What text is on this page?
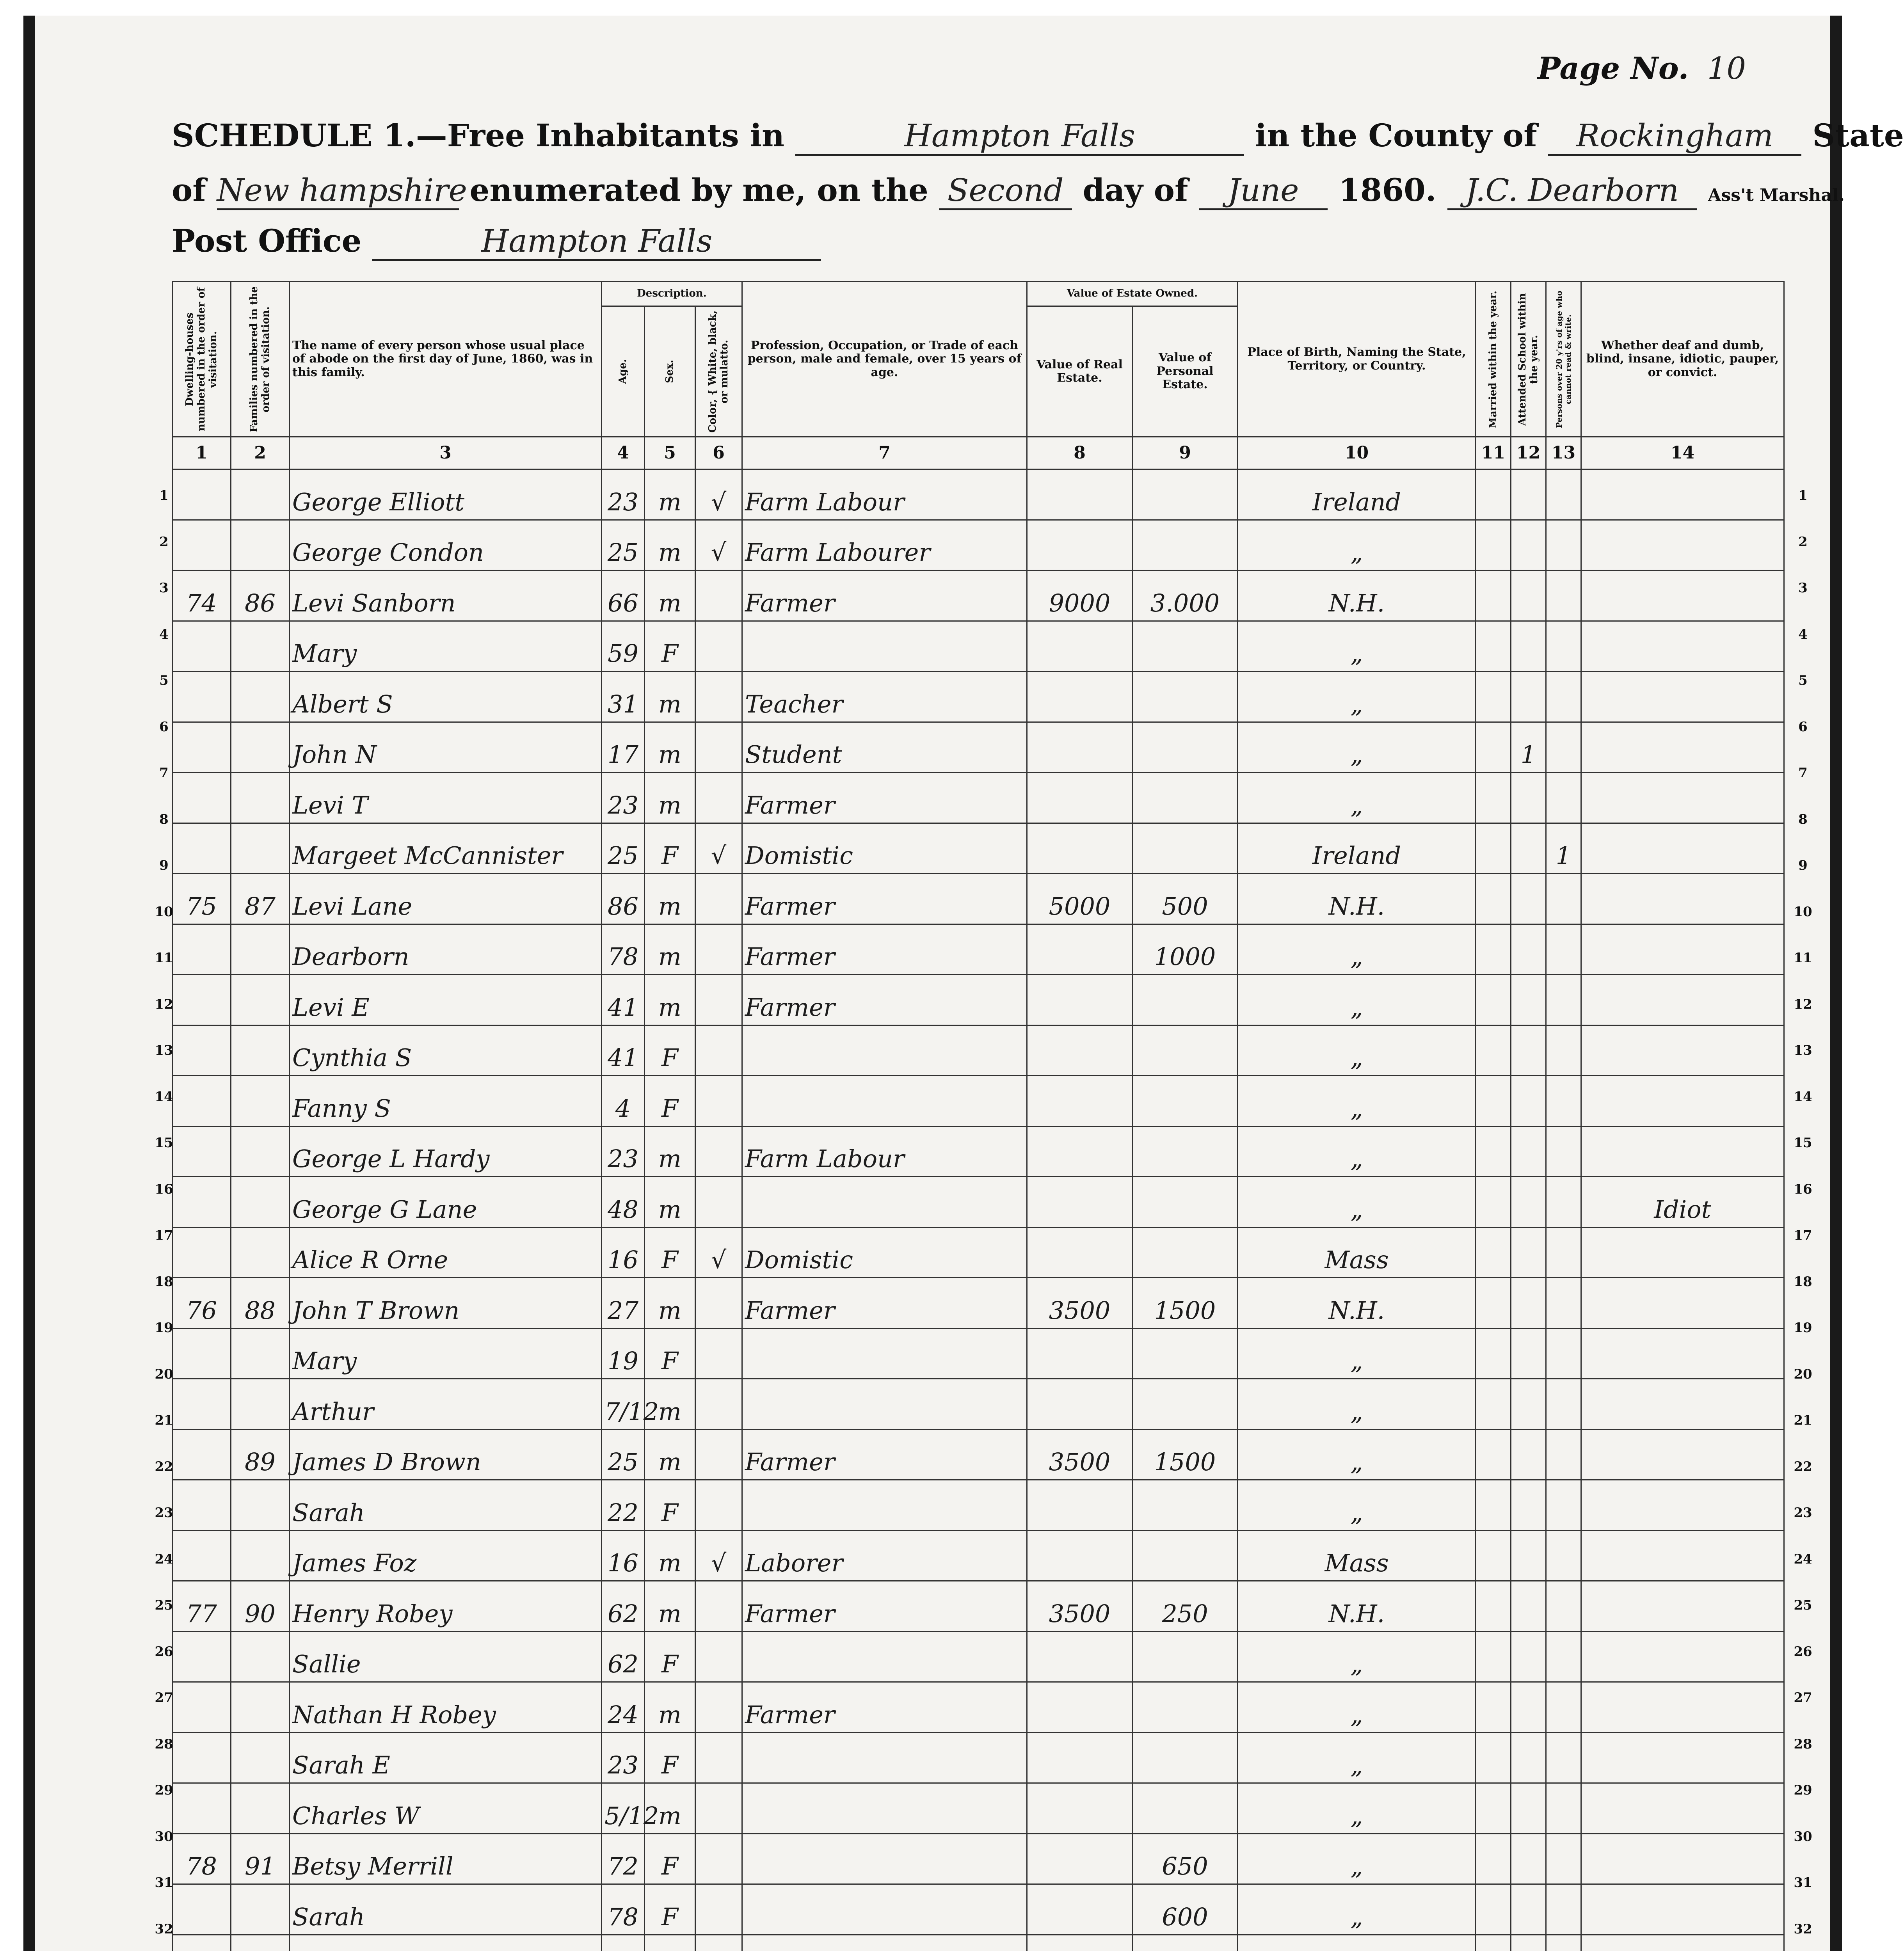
Page No. 10
SCHEDULE 1.—Free Inhabitants in	Hampton Falls	in the County of Rockingham State
of New hampshire enumerated by me, on the Second day of June 1860. J.C. Dearborn Ass't Marshal.
Post Office	Hampton Falls
Dwelling-houses numbered in the order of visitation.	Families numbered in the order of visitation.	The name of every person whose usual place of abode on the first day of June, 1860, was in this family.	Description.			Profession, Occupation, or Trade of each person, male and female, over 15 years of age.	Value of Estate Owned.		Place of Birth, Naming the State, Territory, or Country.	Married within the year.	Attended School within the year.	Persons over 20 y'rs of age who cannot read & write.	Whether deaf and dumb, blind, insane, idiotic, pauper, or convict.
			Age.	Sex.	Color, { White, black, or mulatto.		Value of Real Estate.	Value of Personal Estate.					
1	2	3	4	5	6	7	8	9	10	11	12	13	14
		George Elliott	23	m	√	Farm Labour			Ireland				
		George Condon	25	m	√	Farm Labourer			„				
74	86	Levi Sanborn	66	m		Farmer	9000	3.000	N.H.				
		Mary	59	F					„				
		Albert S	31	m		Teacher			„				
		John N	17	m		Student			„		1		
		Levi T	23	m		Farmer			„				
		Margeet McCannister	25	F	√	Domistic			Ireland			1	
75	87	Levi Lane	86	m		Farmer	5000	500	N.H.				
		Dearborn	78	m		Farmer		1000	„				
		Levi E	41	m		Farmer			„				
		Cynthia S	41	F					„				
		Fanny S	4	F					„				
		George L Hardy	23	m		Farm Labour			„				
		George G Lane	48	m					„				Idiot
		Alice R Orne	16	F	√	Domistic			Mass				
76	88	John T Brown	27	m		Farmer	3500	1500	N.H.				
		Mary	19	F					„				
		Arthur	7/12	m					„				
	89	James D Brown	25	m		Farmer	3500	1500	„				
		Sarah	22	F					„				
		James Foz	16	m	√	Laborer			Mass				
77	90	Henry Robey	62	m		Farmer	3500	250	N.H.				
		Sallie	62	F					„				
		Nathan H Robey	24	m		Farmer			„				
		Sarah E	23	F					„				
		Charles W	5/12	m					„				
78	91	Betsy Merrill	72	F				650	„				
		Sarah	78	F				600	„				

1
2
3
4
5
6
7
8
9
10
11
12
13
14
15
16
17
18
19
20
21
22
23
24
25
26
27
28
29
30
31
32
1
2
3
4
5
6
7
8
9
10
11
12
13
14
15
16
17
18
19
20
21
22
23
24
25
26
27
28
29
30
31
32
